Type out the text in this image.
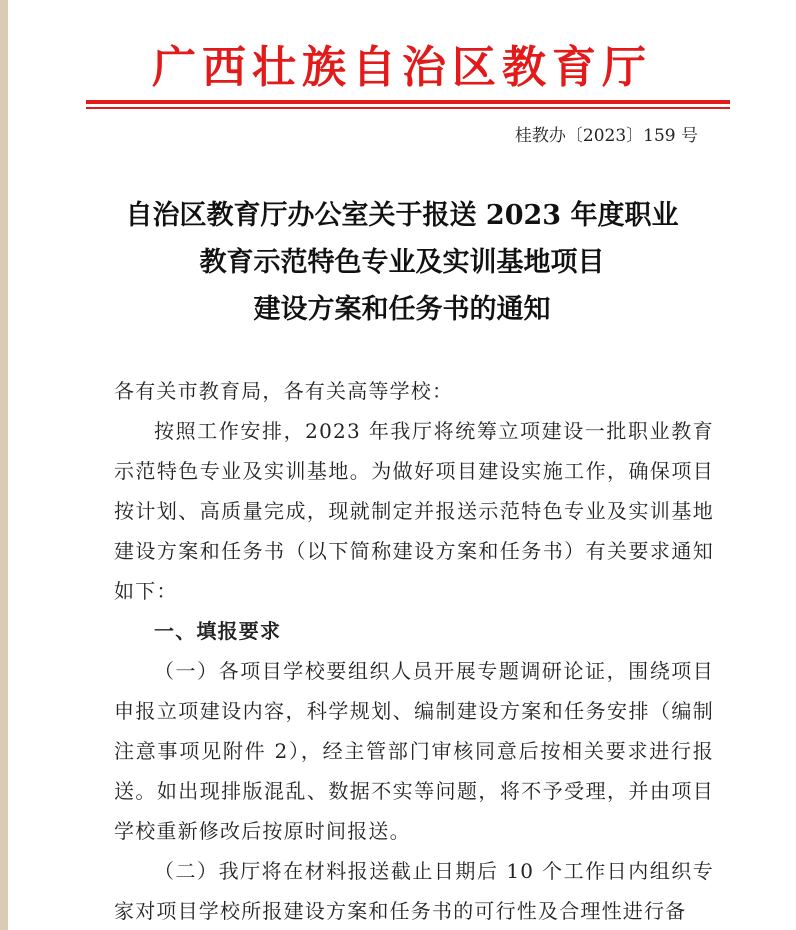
广西壮族自治区教育厅
桂教办〔2023〕159 号
自治区教育厅办公室关于报送 2023 年度职业
教育示范特色专业及实训基地项目
建设方案和任务书的通知

各有关市教育局，各有关高等学校：

按照工作安排，2023 年我厅将统筹立项建设一批职业教育示范特色专业及实训基地。为做好项目建设实施工作，确保项目按计划、高质量完成，现就制定并报送示范特色专业及实训基地建设方案和任务书（以下简称建设方案和任务书）有关要求通知如下：

一、填报要求

（一）各项目学校要组织人员开展专题调研论证，围绕项目申报立项建设内容，科学规划、编制建设方案和任务安排（编制注意事项见附件 2），经主管部门审核同意后按相关要求进行报送。如出现排版混乱、数据不实等问题，将不予受理，并由项目学校重新修改后按原时间报送。

（二）我厅将在材料报送截止日期后 10 个工作日内组织专家对项目学校所报建设方案和任务书的可行性及合理性进行备
